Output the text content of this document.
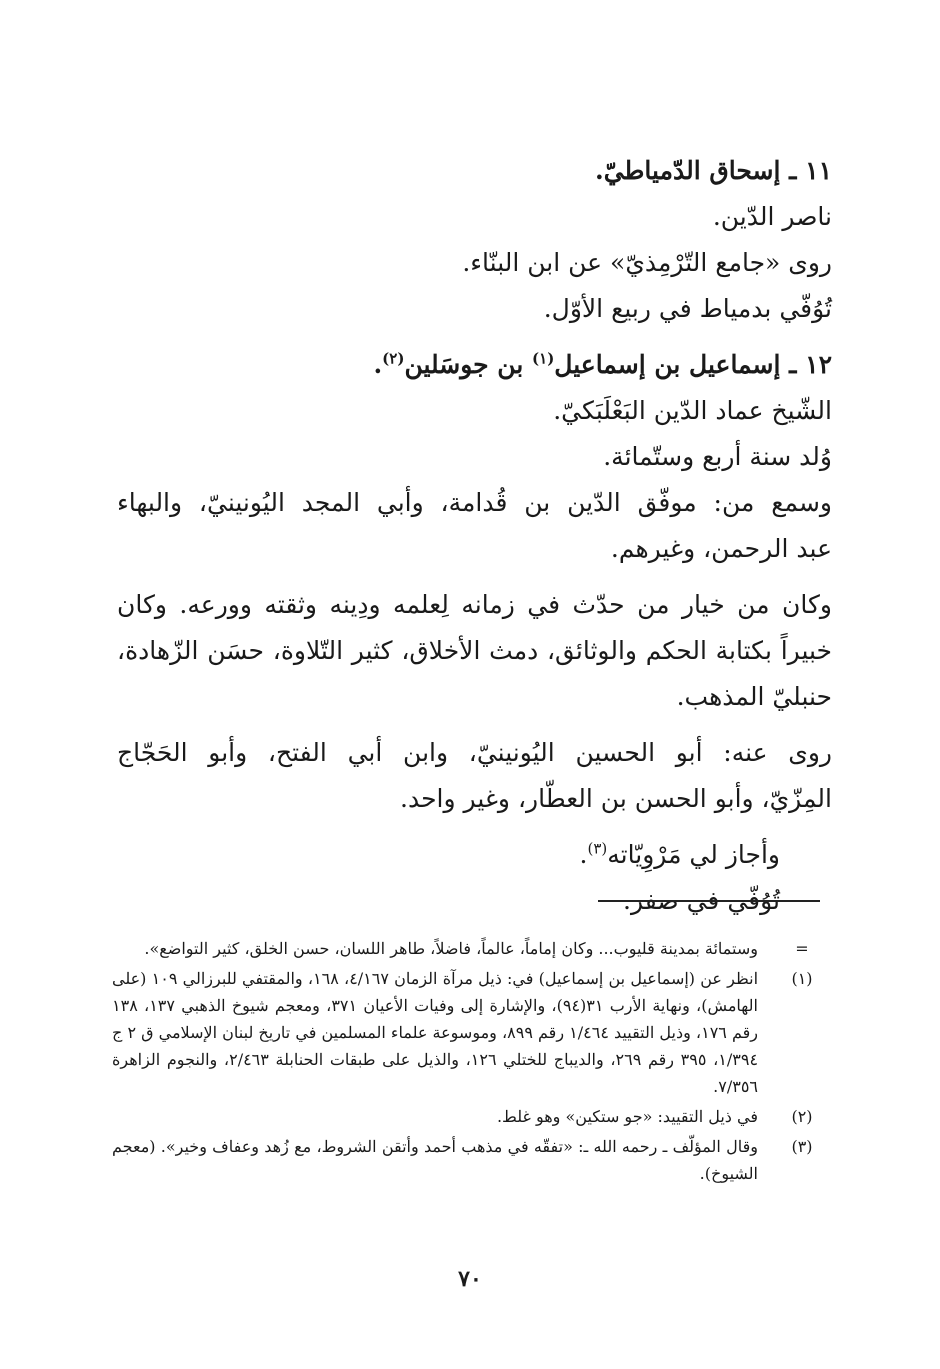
١١ ـ إسحاق الدّمياطيّ.

ناصر الدّين.

روى «جامع التّرْمِذيّ» عن ابن البنّاء.

تُوُفّي بدمياط في ربيع الأوّل.

١٢ ـ إسماعيل بن إسماعيل$^{(١)}$ بن جوسَلين$^{(٢)}$.

الشّيخ عماد الدّين البَعْلَبَكيّ.

وُلد سنة أربع وستّمائة.

وسمع من: موفّق الدّين بن قُدامة، وأبي المجد اليُونينيّ، والبهاء

عبد الرحمن، وغيرهم.

وكان من خيار من حدّث في زمانه لِعلمه ودِينه وثقته وورعه. وكان

خبيراً بكتابة الحكم والوثائق، دمث الأخلاق، كثير التّلاوة، حسَن الزّهادة،

حنبليّ المذهب.

روى عنه: أبو الحسين اليُونينيّ، وابن أبي الفتح، وأبو الحَجّاج

المِزّيّ، وأبو الحسن بن العطّار، وغير واحد.

وأجاز لي مَرْوِيّاته$^{(٣)}$.

تُوُفّي في صفر.

=
وستمائة بمدينة قليوب... وكان إماماً، عالماً، فاضلاً، طاهر اللسان، حسن الخلق، كثير التواضع».
(١)
انظر عن (إسماعيل بن إسماعيل) في: ذيل مرآة الزمان ٤/١٦٧، ١٦٨، والمقتفي للبرزالي ١٠٩ (على الهامش)، ونهاية الأرب ٣١(٩٤)، والإشارة إلى وفيات الأعيان ٣٧١، ومعجم شيوخ الذهبي ١٣٧، ١٣٨ رقم ١٧٦، وذيل التقييد ١/٤٦٤ رقم ٨٩٩، وموسوعة علماء المسلمين في تاريخ لبنان الإسلامي ق ٢ ج ١/٣٩٤، ٣٩٥ رقم ٢٦٩، والديباج للختلي ١٢٦، والذيل على طبقات الحنابلة ٢/٤٦٣، والنجوم الزاهرة ٧/٣٥٦.
(٢)
في ذيل التقييد: «جو ستكين» وهو غلط.
(٣)
وقال المؤلّف ـ رحمه الله ـ: «تفقّه في مذهب أحمد وأتقن الشروط، مع زُهد وعفاف وخير». (معجم الشيوخ).
٧٠
